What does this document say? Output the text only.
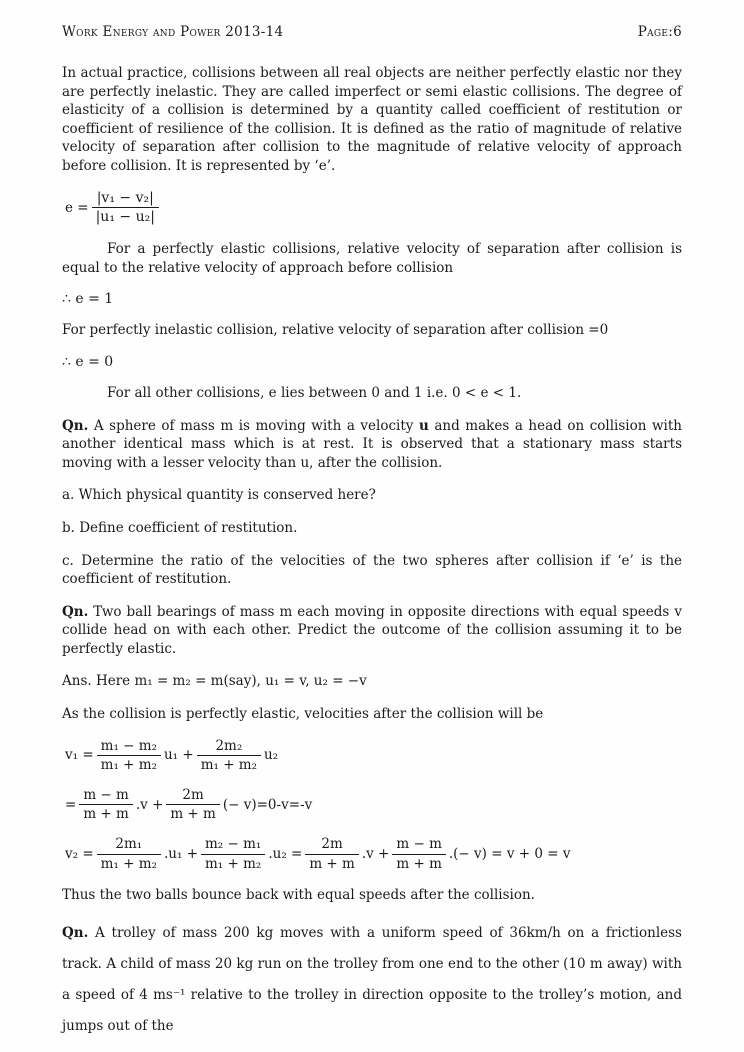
Work Energy and Power 2013-14	Page:6

In actual practice, collisions between all real objects are neither perfectly elastic nor they are perfectly inelastic. They are called imperfect or semi elastic collisions. The degree of elasticity of a collision is determined by a quantity called coefficient of restitution or coefficient of resilience of the collision. It is defined as the ratio of magnitude of relative velocity of separation after collision to the magnitude of relative velocity of approach before collision. It is represented by ‘e’.

$e = \frac{\text{|v₁ − v₂|}}{\text{|u₁ − u₂|}}$

For a perfectly elastic collisions, relative velocity of separation after collision is equal to the relative velocity of approach before collision

∴ e = 1

For perfectly inelastic collision, relative velocity of separation after collision =0

∴ e = 0

For all other collisions, e lies between 0 and 1 i.e. 0 < e < 1.

Qn. A sphere of mass m is moving with a velocity u and makes a head on collision with another identical mass which is at rest. It is observed that a stationary mass starts moving with a lesser velocity than u, after the collision.

a. Which physical quantity is conserved here?

b. Define coefficient of restitution.

c. Determine the ratio of the velocities of the two spheres after collision if ‘e’ is the coefficient of restitution.

Qn. Two ball bearings of mass m each moving in opposite directions with equal speeds v collide head on with each other. Predict the outcome of the collision assuming it to be perfectly elastic.

Ans. Here m₁ = m₂ = m(say), u₁ = v, u₂ = −v

As the collision is perfectly elastic, velocities after the collision will be

$v_1 = \frac{\text{m₁ − m₂}}{\text{m₁ + m₂}} u_1 + \frac{\text{2m₂}}{\text{m₁ + m₂}} u_2$
= $\frac{m - m}{m + m} .v + \frac{2m}{m + m}$ (− v)=0-v=-v
$v_2 = \frac{\text{2m₁}}{\text{m₁ + m₂}} .u_1 + \frac{\text{m₂ − m₁}}{\text{m₁ + m₂}} .u_2 = \frac{2m}{m + m} .v + \frac{m - m}{m + m}$ .(− v) = v + 0 = v

Thus the two balls bounce back with equal speeds after the collision.

Qn. A trolley of mass 200 kg moves with a uniform speed of 36km/h on a frictionless track. A child of mass 20 kg run on the trolley from one end to the other (10 m away) with a speed of 4 ms⁻¹ relative to the trolley in direction opposite to the trolley’s motion, and jumps out of the
